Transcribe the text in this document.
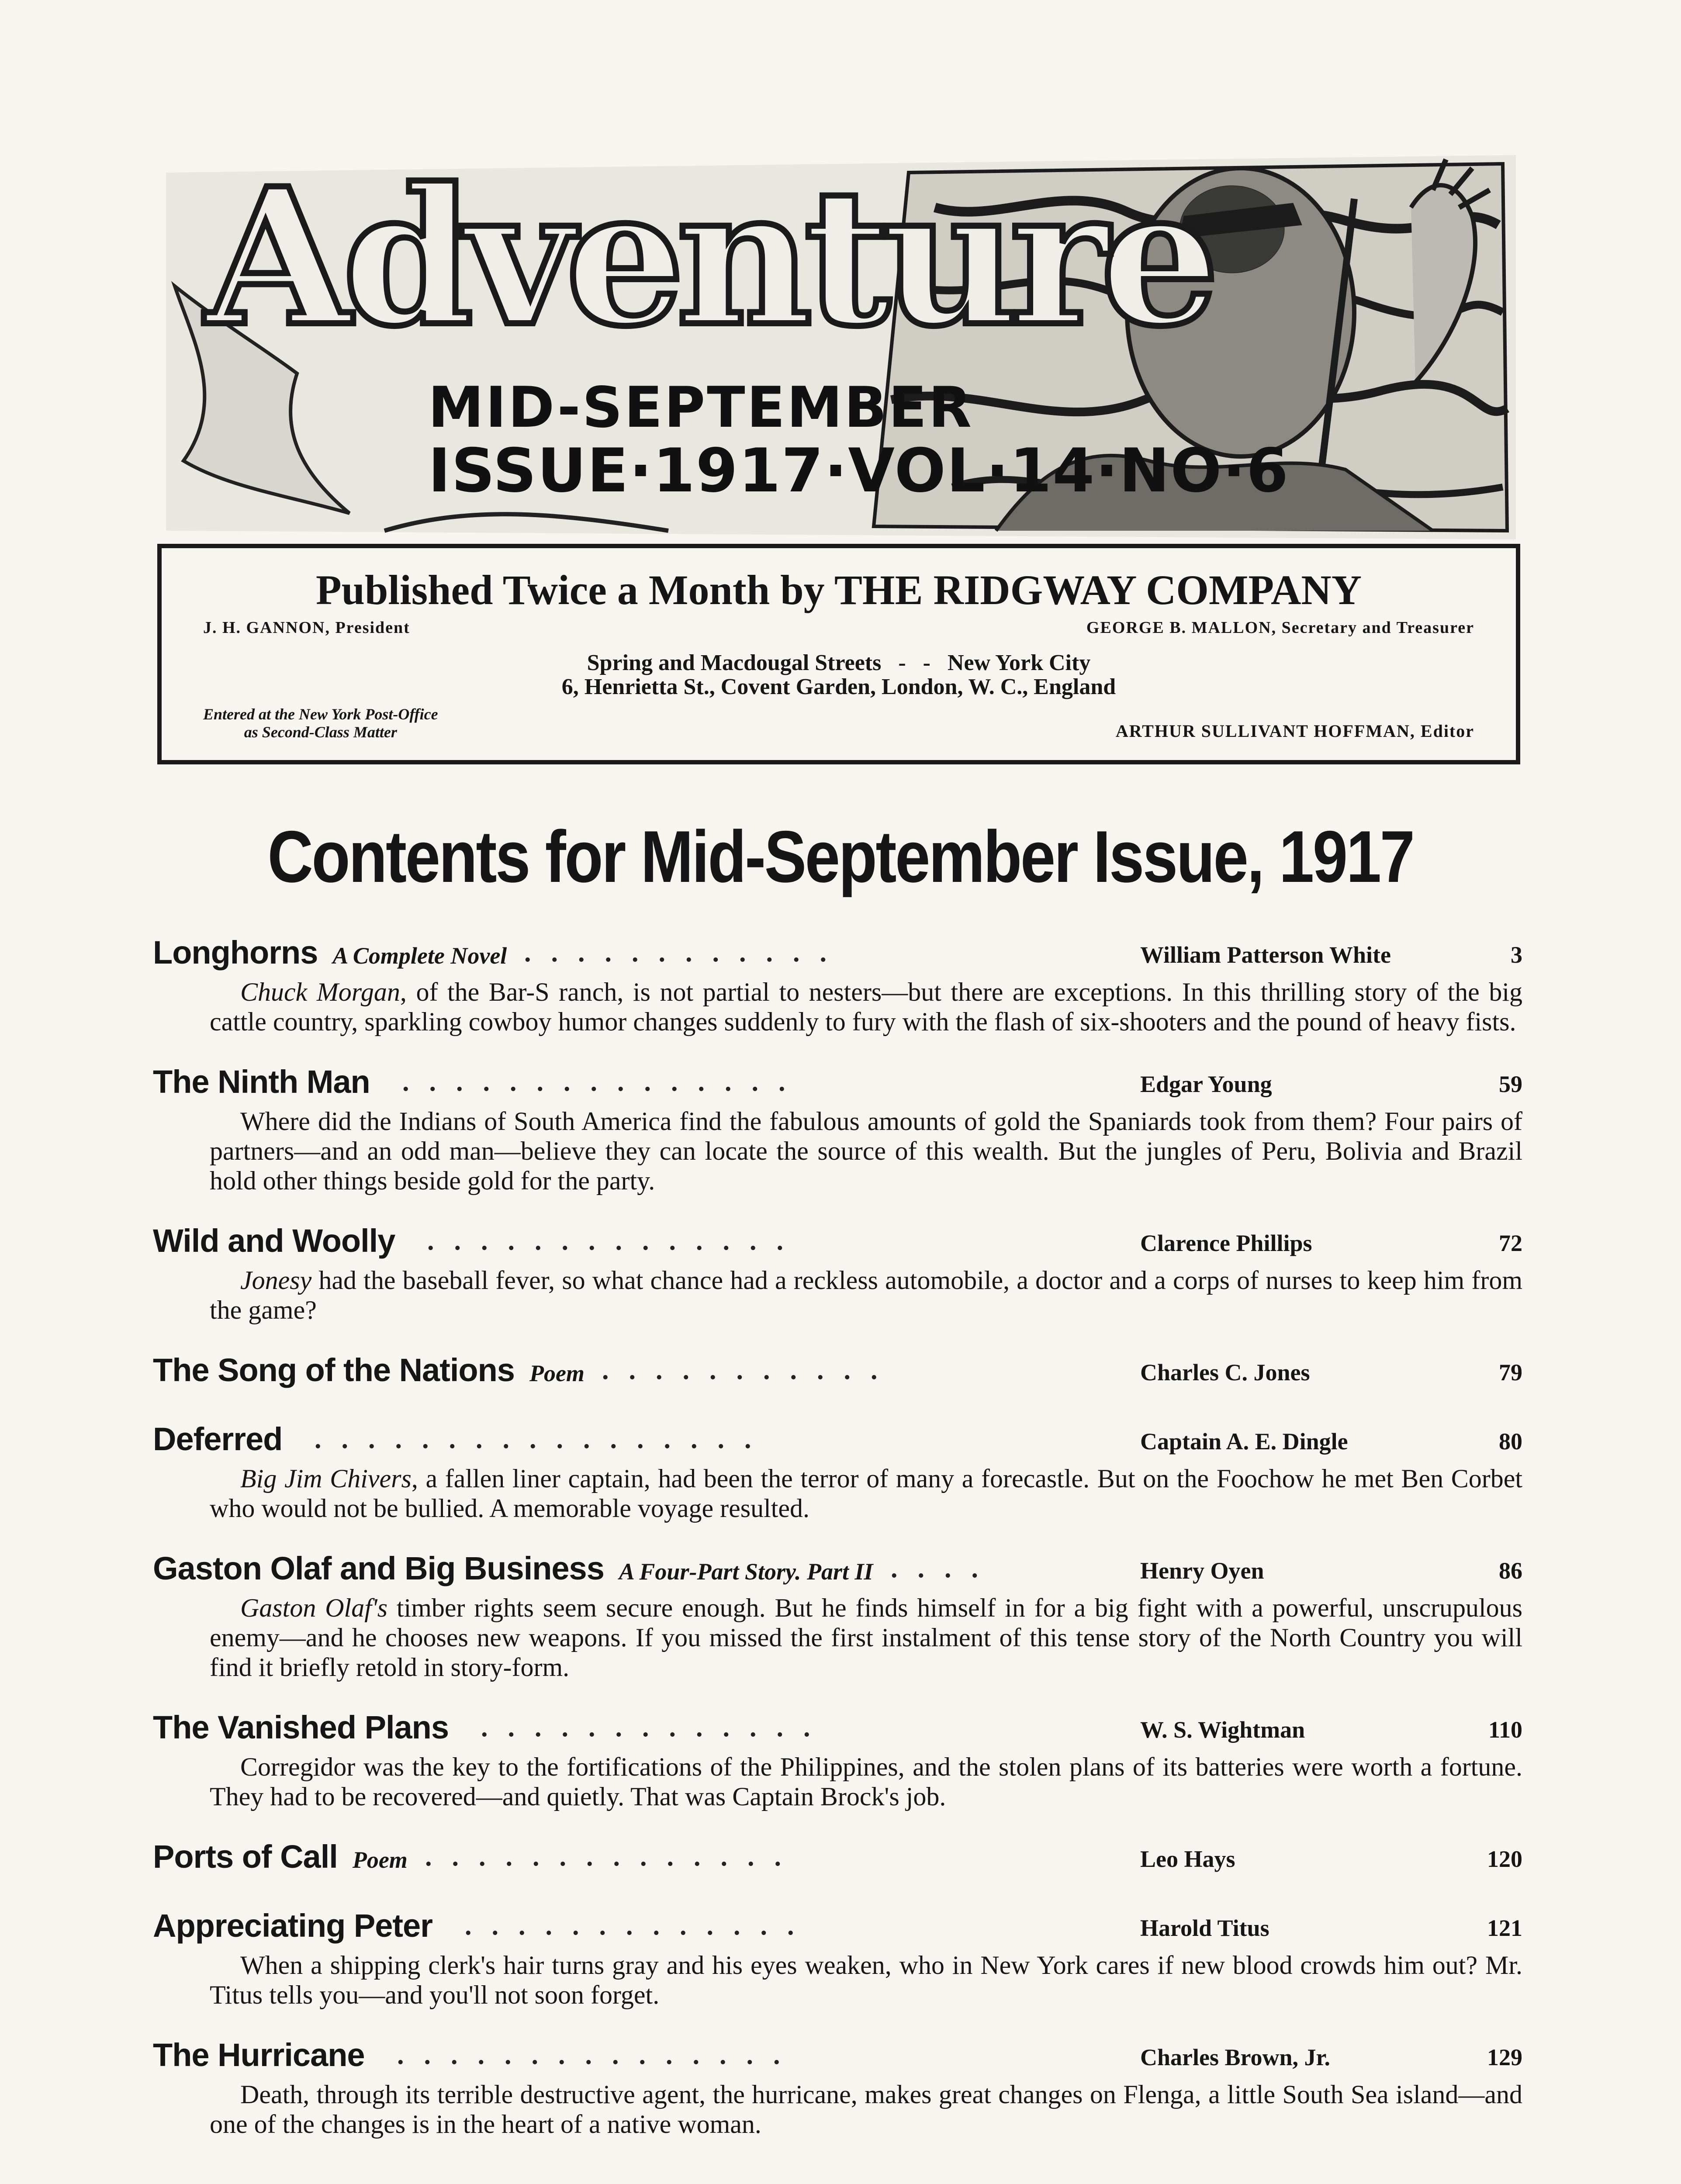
Adventure
MID-SEPTEMBER
ISSUE·1917·VOL·14·NO·6
Published Twice a Month by THE RIDGWAY COMPANY
J. H. GANNON, President	GEORGE B. MALLON, Secretary and Treasurer
Spring and Macdougal Streets   -   -   New York City
6, Henrietta St., Covent Garden, London, W. C., England
Entered at the New York Post-Office
as Second-Class Matter	ARTHUR SULLIVANT HOFFMAN, Editor
Contents for Mid-September Issue, 1917
Longhorns A Complete Novel ............	William Patterson White	3
Chuck Morgan, of the Bar-S ranch, is not partial to nesters—but there are exceptions. In this thrilling story of the big cattle country, sparkling cowboy humor changes suddenly to fury with the flash of six-shooters and the pound of heavy fists.
The Ninth Man	...............	Edgar Young	59
Where did the Indians of South America find the fabulous amounts of gold the Spaniards took from them? Four pairs of partners—and an odd man—believe they can locate the source of this wealth. But the jungles of Peru, Bolivia and Brazil hold other things beside gold for the party.
Wild and Woolly	..............	Clarence Phillips	72
Jonesy had the baseball fever, so what chance had a reckless automobile, a doctor and a corps of nurses to keep him from the game?
The Song of the Nations Poem ...........	Charles C. Jones	79
Deferred	.................	Captain A. E. Dingle	80
Big Jim Chivers, a fallen liner captain, had been the terror of many a forecastle. But on the Foochow he met Ben Corbet who would not be bullied. A memorable voyage resulted.
Gaston Olaf and Big Business A Four-Part Story. Part II ....	Henry Oyen	86
Gaston Olaf's timber rights seem secure enough. But he finds himself in for a big fight with a powerful, unscrupulous enemy—and he chooses new weapons. If you missed the first instalment of this tense story of the North Country you will find it briefly retold in story-form.
The Vanished Plans	.............	W. S. Wightman	110
Corregidor was the key to the fortifications of the Philippines, and the stolen plans of its batteries were worth a fortune. They had to be recovered—and quietly. That was Captain Brock's job.
Ports of Call Poem ..............	Leo Hays	120
Appreciating Peter	.............	Harold Titus	121
When a shipping clerk's hair turns gray and his eyes weaken, who in New York cares if new blood crowds him out? Mr. Titus tells you—and you'll not soon forget.
The Hurricane	...............	Charles Brown, Jr.	129
Death, through its terrible destructive agent, the hurricane, makes great changes on Flenga, a little South Sea island—and one of the changes is in the heart of a native woman.
